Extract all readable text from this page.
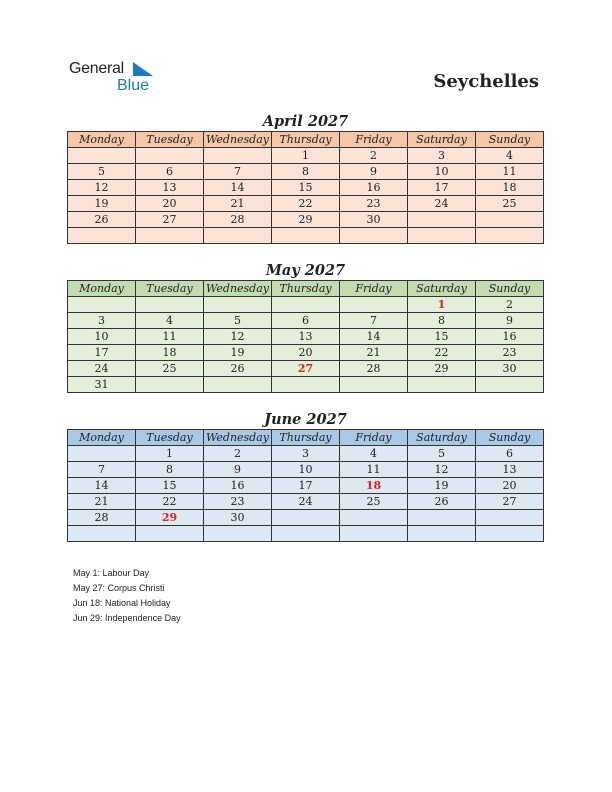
General
Blue	Seychelles
April 2027
Monday	Tuesday	Wednesday	Thursday	Friday	Saturday	Sunday
			1	2	3	4
5	6	7	8	9	10	11
12	13	14	15	16	17	18
19	20	21	22	23	24	25
26	27	28	29	30		

May 2027
Monday	Tuesday	Wednesday	Thursday	Friday	Saturday	Sunday
					1	2
3	4	5	6	7	8	9
10	11	12	13	14	15	16
17	18	19	20	21	22	23
24	25	26	27	28	29	30
31						
June 2027
Monday	Tuesday	Wednesday	Thursday	Friday	Saturday	Sunday
	1	2	3	4	5	6
7	8	9	10	11	12	13
14	15	16	17	18	19	20
21	22	23	24	25	26	27
28	29	30				

May 1: Labour Day
May 27: Corpus Christi
Jun 18: National Holiday
Jun 29: Independence Day
